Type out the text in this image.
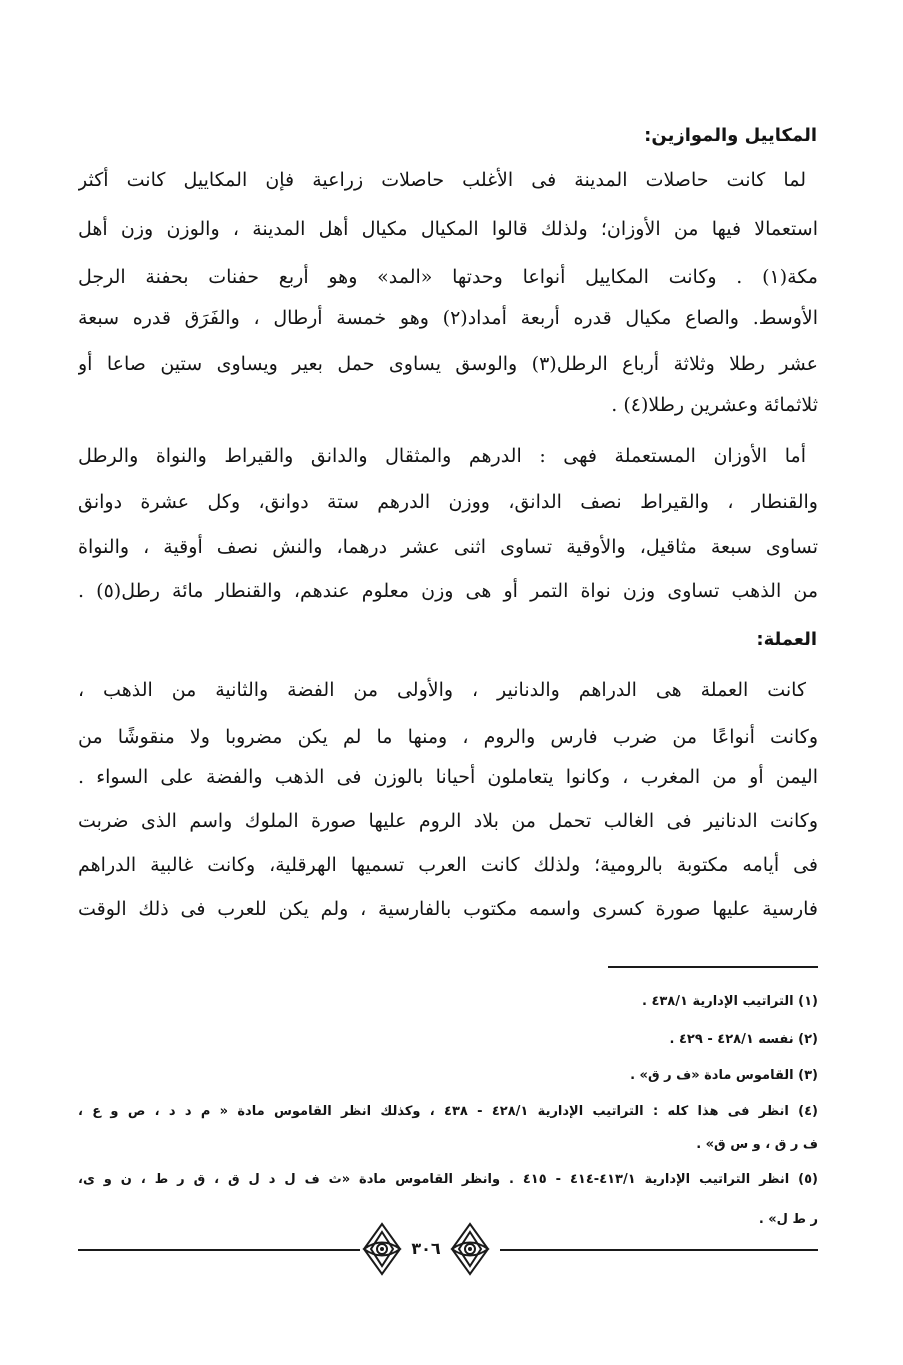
المكاييل والموازين:
لما كانت حاصلات المدينة فى الأغلب حاصلات زراعية فإن المكاييل كانت أكثر
استعمالا فيها من الأوزان؛ ولذلك قالوا المكيال مكيال أهل المدينة ، والوزن وزن أهل
مكة(١) . وكانت المكاييل أنواعا وحدتها «المد» وهو أربع حفنات بحفنة الرجل
الأوسط. والصاع مكيال قدره أربعة أمداد(٢) وهو خمسة أرطال ، والفَرَق قدره سبعة
عشر رطلا وثلاثة أرباع الرطل(٣) والوسق يساوى حمل بعير ويساوى ستين صاعا أو
ثلاثمائة وعشرين رطلا(٤) .
أما الأوزان المستعملة فهى : الدرهم والمثقال والدانق والقيراط والنواة والرطل
والقنطار ، والقيراط نصف الدانق، ووزن الدرهم ستة دوانق، وكل عشرة دوانق
تساوى سبعة مثاقيل، والأوقية تساوى اثنى عشر درهما، والنش نصف أوقية ، والنواة
من الذهب تساوى وزن نواة التمر أو هى وزن معلوم عندهم، والقنطار مائة رطل(٥) .
العملة:
كانت العملة هى الدراهم والدنانير ، والأولى من الفضة والثانية من الذهب ،
وكانت أنواعًا من ضرب فارس والروم ، ومنها ما لم يكن مضروبا ولا منقوشًا من
اليمن أو من المغرب ، وكانوا يتعاملون أحيانا بالوزن فى الذهب والفضة على السواء .
وكانت الدنانير فى الغالب تحمل من بلاد الروم عليها صورة الملوك واسم الذى ضربت
فى أيامه مكتوبة بالرومية؛ ولذلك كانت العرب تسميها الهرقلية، وكانت غالبية الدراهم
فارسية عليها صورة كسرى واسمه مكتوب بالفارسية ، ولم يكن للعرب فى ذلك الوقت
(١) التراتيب الإدارية ٤٣٨/١ .
(٢) نفسه ٤٢٨/١ - ٤٢٩ .
(٣) القاموس مادة «ف ر ق» .
(٤) انظر فى هذا كله : التراتيب الإدارية ٤٢٨/١ - ٤٣٨ ، وكذلك انظر القاموس مادة « م د د ، ص و ع ،
ف ر ق ، و س ق» .
(٥) انظر التراتيب الإدارية ٤١٣/١-٤١٤ - ٤١٥ . وانظر القاموس مادة «ث ف ل د ل ق ، ق ر ط ، ن و ى،
ر ط ل» .
٣٠٦
